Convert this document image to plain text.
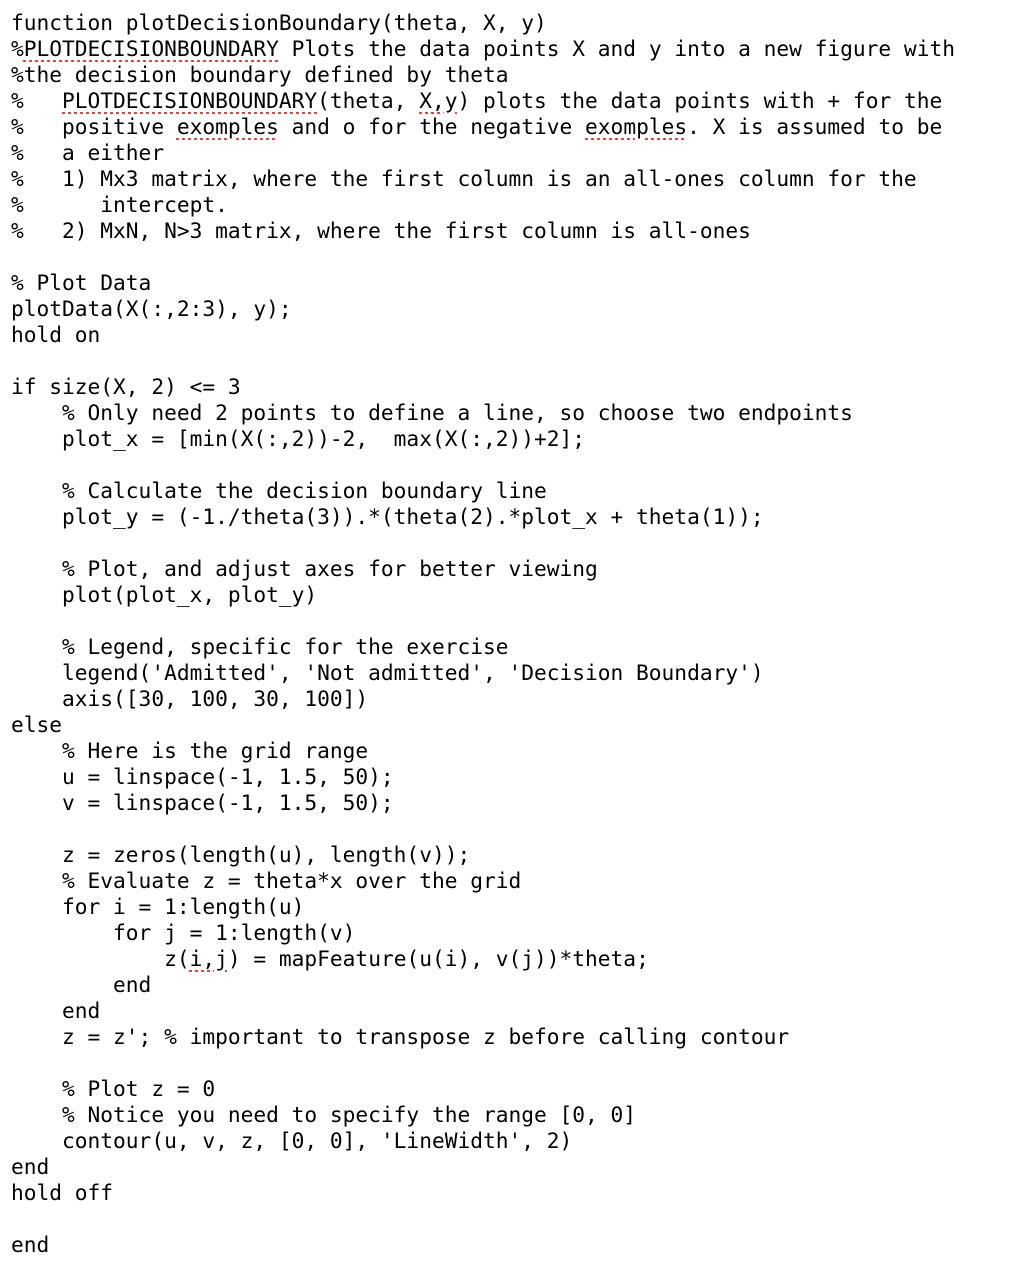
function plotDecisionBoundary(theta, X, y)
%PLOTDECISIONBOUNDARY Plots the data points X and y into a new figure with
%the decision boundary defined by theta
%   PLOTDECISIONBOUNDARY(theta, X,y) plots the data points with + for the
%   positive exomples and o for the negative exomples. X is assumed to be
%   a either
%   1) Mx3 matrix, where the first column is an all-ones column for the
%      intercept.
%   2) MxN, N>3 matrix, where the first column is all-ones
% Plot Data
plotData(X(:,2:3), y);
hold on
if size(X, 2) <= 3
% Only need 2 points to define a line, so choose two endpoints
plot_x = [min(X(:,2))-2,  max(X(:,2))+2];
% Calculate the decision boundary line
plot_y = (-1./theta(3)).*(theta(2).*plot_x + theta(1));
% Plot, and adjust axes for better viewing
plot(plot_x, plot_y)
% Legend, specific for the exercise
legend('Admitted', 'Not admitted', 'Decision Boundary')
axis([30, 100, 30, 100])
else
% Here is the grid range
u = linspace(-1, 1.5, 50);
v = linspace(-1, 1.5, 50);
z = zeros(length(u), length(v));
% Evaluate z = theta*x over the grid
for i = 1:length(u)
for j = 1:length(v)
z(i,j) = mapFeature(u(i), v(j))*theta;
end
end
z = z'; % important to transpose z before calling contour
% Plot z = 0
% Notice you need to specify the range [0, 0]
contour(u, v, z, [0, 0], 'LineWidth', 2)
end
hold off
end
